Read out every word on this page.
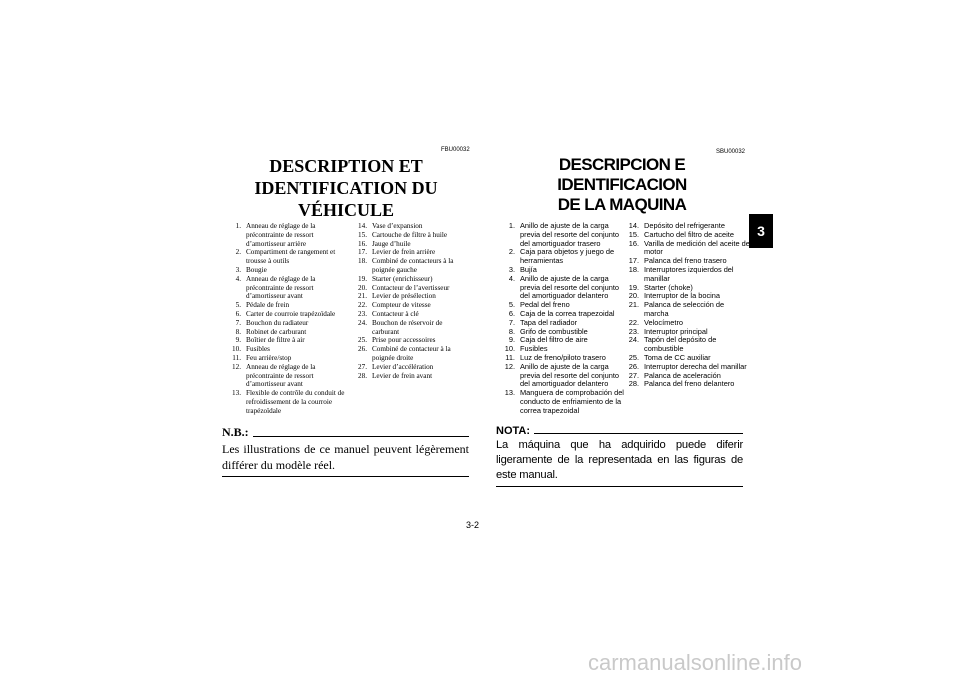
3
FBU00032	SBU00032
DESCRIPTION ET
IDENTIFICATION DU VÉHICULE
DESCRIPCION E IDENTIFICACION
DE LA MAQUINA
1. Anneau de réglage de la précontrainte de ressort d’amortisseur arrière
2. Compartiment de rangement et trousse à outils
3. Bougie
4. Anneau de réglage de la précontrainte de ressort d’amortisseur avant
5. Pédale de frein
6. Carter de courroie trapézoïdale
7. Bouchon du radiateur
8. Robinet de carburant
9. Boîtier de filtre à air
10. Fusibles
11. Feu arrière/stop
12. Anneau de réglage de la précontrainte de ressort d’amortisseur avant
13. Flexible de contrôle du conduit de refroidissement de la courroie trapézoïdale
14. Vase d’expansion
15. Cartouche de filtre à huile
16. Jauge d’huile
17. Levier de frein arrière
18. Combiné de contacteurs à la poignée gauche
19. Starter (enrichisseur)
20. Contacteur de l’avertisseur
21. Levier de présélection
22. Compteur de vitesse
23. Contacteur à clé
24. Bouchon de réservoir de carburant
25. Prise pour accessoires
26. Combiné de contacteur à la poignée droite
27. Levier d’accélération
28. Levier de frein avant
1. Anillo de ajuste de la carga previa del resorte del conjunto del amortiguador trasero
2. Caja para objetos y juego de herramientas
3. Bujía
4. Anillo de ajuste de la carga previa del resorte del conjunto del amortiguador delantero
5. Pedal del freno
6. Caja de la correa trapezoidal
7. Tapa del radiador
8. Grifo de combustible
9. Caja del filtro de aire
10. Fusibles
11. Luz de freno/piloto trasero
12. Anillo de ajuste de la carga previa del resorte del conjunto del amortiguador delantero
13. Manguera de comprobación del conducto de enfriamiento de la correa trapezoidal
14. Depósito del refrigerante
15. Cartucho del filtro de aceite
16. Varilla de medición del aceite de motor
17. Palanca del freno trasero
18. Interruptores izquierdos del manillar
19. Starter (choke)
20. Interruptor de la bocina
21. Palanca de selección de marcha
22. Velocímetro
23. Interruptor principal
24. Tapón del depósito de combustible
25. Toma de CC auxiliar
26. Interruptor derecha del manillar
27. Palanca de aceleración
28. Palanca del freno delantero
N.B.:
Les illustrations de ce manuel peuvent légèrement différer du modèle réel.
NOTA:
La máquina que ha adquirido puede diferir ligeramente de la representada en las figuras de este manual.
3-2
carmanualsonline.info
